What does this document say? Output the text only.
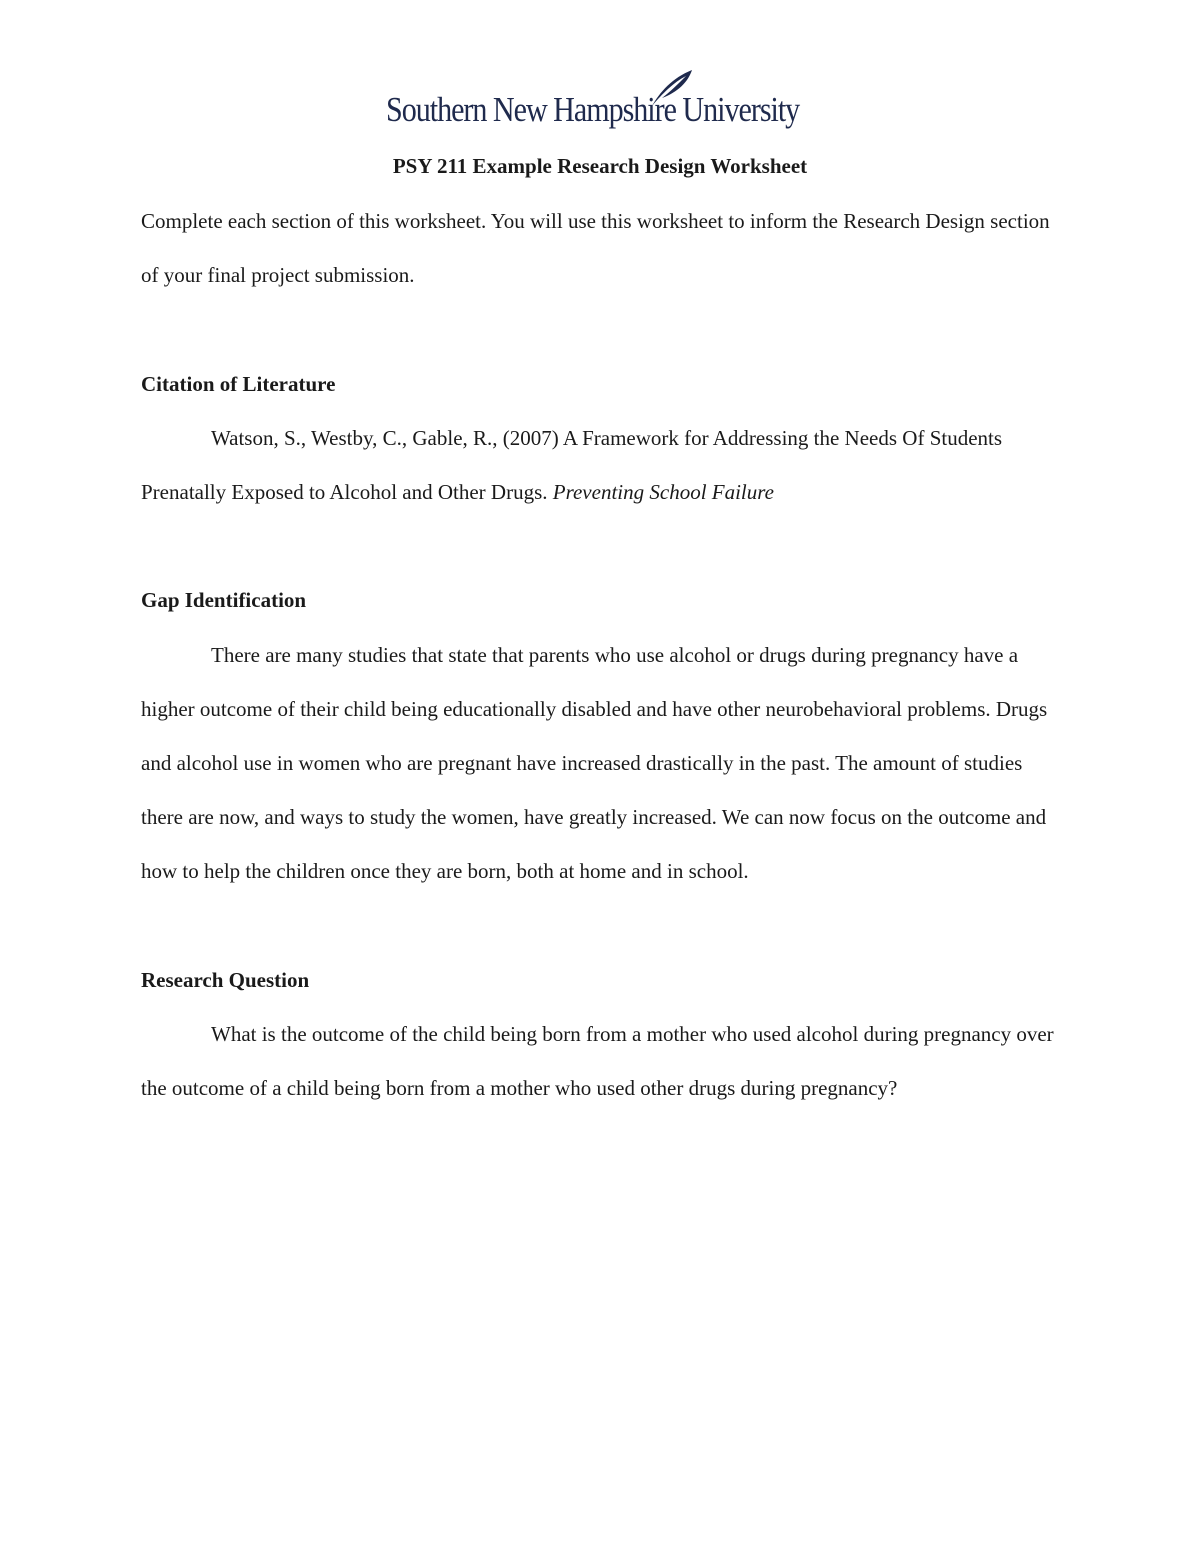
Southern New Hampshire University
PSY 211 Example Research Design Worksheet

Complete each section of this worksheet. You will use this worksheet to inform the Research Design section of your final project submission.

Citation of Literature

Watson, S., Westby, C., Gable, R., (2007) A Framework for Addressing the Needs Of Students Prenatally Exposed to Alcohol and Other Drugs. Preventing School Failure

Gap Identification

There are many studies that state that parents who use alcohol or drugs during pregnancy have a higher outcome of their child being educationally disabled and have other neurobehavioral problems. Drugs and alcohol use in women who are pregnant have increased drastically in the past. The amount of studies there are now, and ways to study the women, have greatly increased. We can now focus on the outcome and how to help the children once they are born, both at home and in school.

Research Question

What is the outcome of the child being born from a mother who used alcohol during pregnancy over the outcome of a child being born from a mother who used other drugs during pregnancy?
